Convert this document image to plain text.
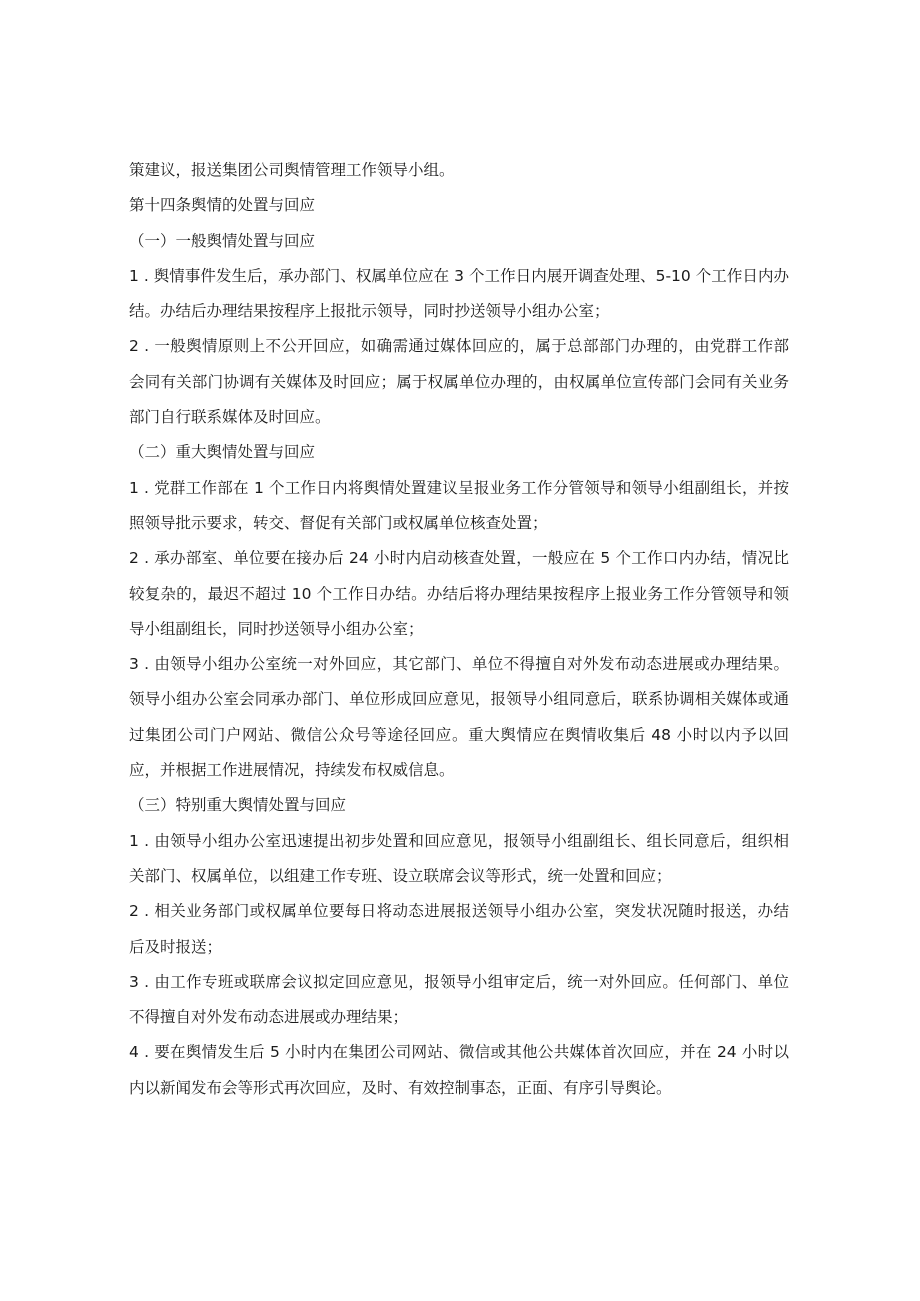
策建议，报送集团公司舆情管理工作领导小组。

第十四条舆情的处置与回应

（一）一般舆情处置与回应

1 . 舆情事件发生后，承办部门、权属单位应在 3 个工作日内展开调查处理、5-10 个工作日内办结。办结后办理结果按程序上报批示领导，同时抄送领导小组办公室；

2 . 一般舆情原则上不公开回应，如确需通过媒体回应的，属于总部部门办理的，由党群工作部会同有关部门协调有关媒体及时回应；属于权属单位办理的，由权属单位宣传部门会同有关业务部门自行联系媒体及时回应。

（二）重大舆情处置与回应

1 . 党群工作部在 1 个工作日内将舆情处置建议呈报业务工作分管领导和领导小组副组长，并按照领导批示要求，转交、督促有关部门或权属单位核查处置；

2 . 承办部室、单位要在接办后 24 小时内启动核查处置，一般应在 5 个工作口内办结，情况比较复杂的，最迟不超过 10 个工作日办结。办结后将办理结果按程序上报业务工作分管领导和领导小组副组长，同时抄送领导小组办公室；

3 . 由领导小组办公室统一对外回应，其它部门、单位不得擅自对外发布动态进展或办理结果。领导小组办公室会同承办部门、单位形成回应意见，报领导小组同意后，联系协调相关媒体或通过集团公司门户网站、微信公众号等途径回应。重大舆情应在舆情收集后 48 小时以内予以回应，并根据工作进展情况，持续发布权威信息。

（三）特别重大舆情处置与回应

1 . 由领导小组办公室迅速提出初步处置和回应意见，报领导小组副组长、组长同意后，组织相关部门、权属单位，以组建工作专班、设立联席会议等形式，统一处置和回应；

2 . 相关业务部门或权属单位要每日将动态进展报送领导小组办公室，突发状况随时报送，办结后及时报送；

3 . 由工作专班或联席会议拟定回应意见，报领导小组审定后，统一对外回应。任何部门、单位不得擅自对外发布动态进展或办理结果；

4 . 要在舆情发生后 5 小时内在集团公司网站、微信或其他公共媒体首次回应，并在 24 小时以内以新闻发布会等形式再次回应，及时、有效控制事态，正面、有序引导舆论。
